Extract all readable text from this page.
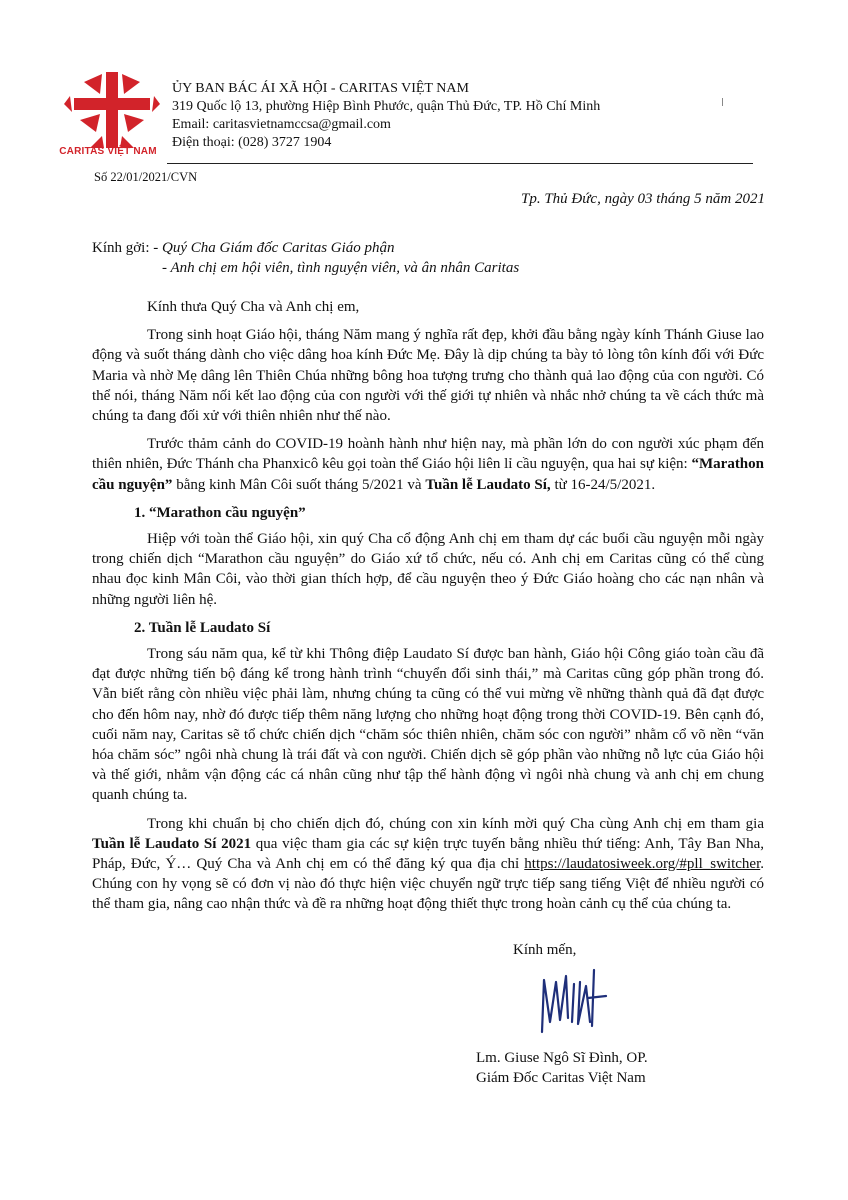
CARITAS VIỆT NAM
ỦY BAN BÁC ÁI XÃ HỘI - CARITAS VIỆT NAM
319 Quốc lộ 13, phường Hiệp Bình Phước, quận Thủ Đức, TP. Hồ Chí Minh
Email: caritasvietnamccsa@gmail.com
Điện thoại: (028) 3727 1904
Số 22/01/2021/CVN
Tp. Thủ Đức, ngày 03 tháng 5 năm 2021
Kính gởi: - Quý Cha Giám đốc Caritas Giáo phận
- Anh chị em hội viên, tình nguyện viên, và ân nhân Caritas

Kính thưa Quý Cha và Anh chị em,

Trong sinh hoạt Giáo hội, tháng Năm mang ý nghĩa rất đẹp, khởi đầu bằng ngày kính Thánh Giuse lao động và suốt tháng dành cho việc dâng hoa kính Đức Mẹ. Đây là dịp chúng ta bày tỏ lòng tôn kính đối với Đức Maria và nhờ Mẹ dâng lên Thiên Chúa những bông hoa tượng trưng cho thành quả lao động của con người. Có thể nói, tháng Năm nối kết lao động của con người với thế giới tự nhiên và nhắc nhở chúng ta về cách thức mà chúng ta đang đối xử với thiên nhiên như thế nào.

Trước thảm cảnh do COVID-19 hoành hành như hiện nay, mà phần lớn do con người xúc phạm đến thiên nhiên, Đức Thánh cha Phanxicô kêu gọi toàn thể Giáo hội liên lỉ cầu nguyện, qua hai sự kiện: “Marathon cầu nguyện” bằng kinh Mân Côi suốt tháng 5/2021 và Tuần lễ Laudato Sí, từ 16-24/5/2021.

1. “Marathon cầu nguyện”

Hiệp với toàn thể Giáo hội, xin quý Cha cổ động Anh chị em tham dự các buổi cầu nguyện mỗi ngày trong chiến dịch “Marathon cầu nguyện” do Giáo xứ tổ chức, nếu có. Anh chị em Caritas cũng có thể cùng nhau đọc kinh Mân Côi, vào thời gian thích hợp, để cầu nguyện theo ý Đức Giáo hoàng cho các nạn nhân và những người liên hệ.

2. Tuần lễ Laudato Sí

Trong sáu năm qua, kể từ khi Thông điệp Laudato Sí được ban hành, Giáo hội Công giáo toàn cầu đã đạt được những tiến bộ đáng kể trong hành trình “chuyển đổi sinh thái,” mà Caritas cũng góp phần trong đó. Vẫn biết rằng còn nhiều việc phải làm, nhưng chúng ta cũng có thể vui mừng về những thành quả đã đạt được cho đến hôm nay, nhờ đó được tiếp thêm năng lượng cho những hoạt động trong thời COVID-19. Bên cạnh đó, cuối năm nay, Caritas sẽ tổ chức chiến dịch “chăm sóc thiên nhiên, chăm sóc con người” nhằm cổ võ nền “văn hóa chăm sóc” ngôi nhà chung là trái đất và con người. Chiến dịch sẽ góp phần vào những nỗ lực của Giáo hội và thế giới, nhằm vận động các cá nhân cũng như tập thể hành động vì ngôi nhà chung và anh chị em chung quanh chúng ta.

Trong khi chuẩn bị cho chiến dịch đó, chúng con xin kính mời quý Cha cùng Anh chị em tham gia Tuần lễ Laudato Sí 2021 qua việc tham gia các sự kiện trực tuyến bằng nhiều thứ tiếng: Anh, Tây Ban Nha, Pháp, Đức, Ý… Quý Cha và Anh chị em có thể đăng ký qua địa chỉ https://laudatosiweek.org/#pll_switcher. Chúng con hy vọng sẽ có đơn vị nào đó thực hiện việc chuyển ngữ trực tiếp sang tiếng Việt để nhiều người có thể tham gia, nâng cao nhận thức và đề ra những hoạt động thiết thực trong hoàn cảnh cụ thể của chúng ta.

Kính mến,
Lm. Giuse Ngô Sĩ Đình, OP.
Giám Đốc Caritas Việt Nam
